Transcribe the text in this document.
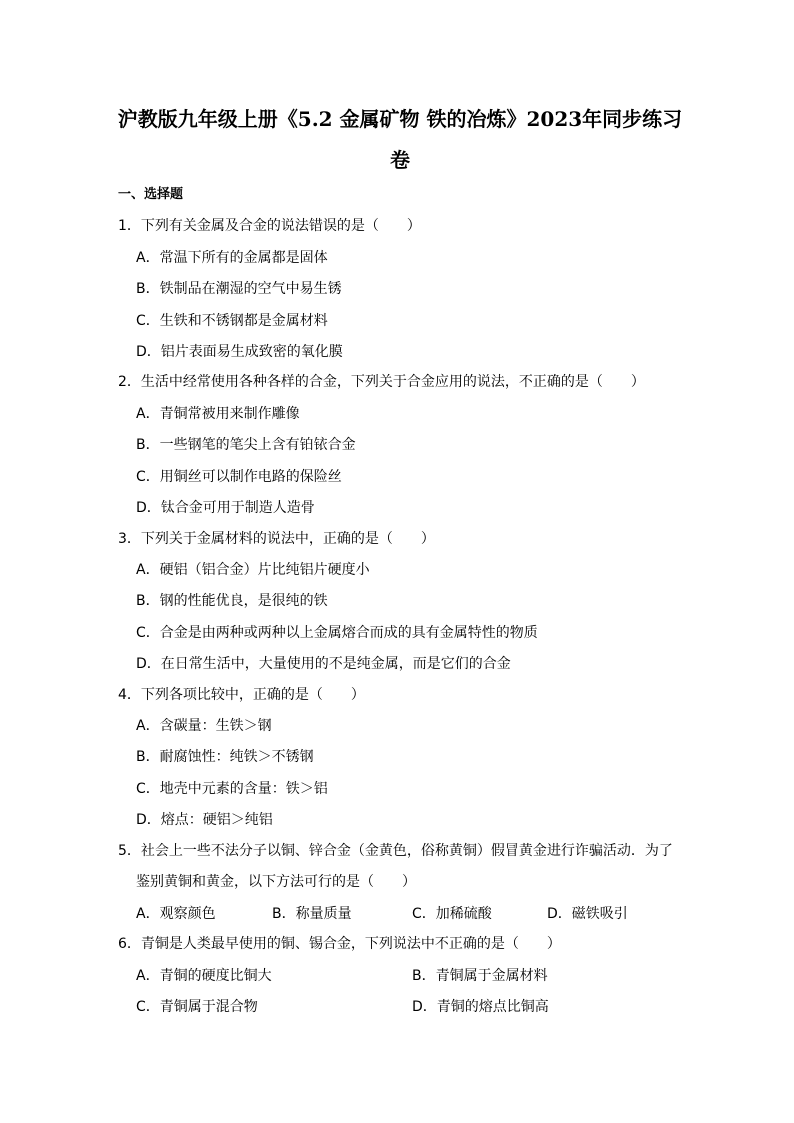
沪教版九年级上册《5.2 金属矿物 铁的冶炼》2023年同步练习
卷
一、选择题
1．下列有关金属及合金的说法错误的是（　　）
A．常温下所有的金属都是固体
B．铁制品在潮湿的空气中易生锈
C．生铁和不锈钢都是金属材料
D．铝片表面易生成致密的氧化膜
2．生活中经常使用各种各样的合金，下列关于合金应用的说法，不正确的是（　　）
A．青铜常被用来制作雕像
B．一些钢笔的笔尖上含有铂铱合金
C．用铜丝可以制作电路的保险丝
D．钛合金可用于制造人造骨
3．下列关于金属材料的说法中，正确的是（　　）
A．硬铝（铝合金）片比纯铝片硬度小
B．钢的性能优良，是很纯的铁
C．合金是由两种或两种以上金属熔合而成的具有金属特性的物质
D．在日常生活中，大量使用的不是纯金属，而是它们的合金
4．下列各项比较中，正确的是（　　）
A．含碳量：生铁＞钢
B．耐腐蚀性：纯铁＞不锈钢
C．地壳中元素的含量：铁＞铝
D．熔点：硬铝＞纯铝
5．社会上一些不法分子以铜、锌合金（金黄色，俗称黄铜）假冒黄金进行诈骗活动．为了
鉴别黄铜和黄金，以下方法可行的是（　　）
A．观察颜色	B．称量质量	C．加稀硫酸	D．磁铁吸引
6．青铜是人类最早使用的铜、锡合金，下列说法中不正确的是（　　）
A．青铜的硬度比铜大	B．青铜属于金属材料
C．青铜属于混合物	D．青铜的熔点比铜高
